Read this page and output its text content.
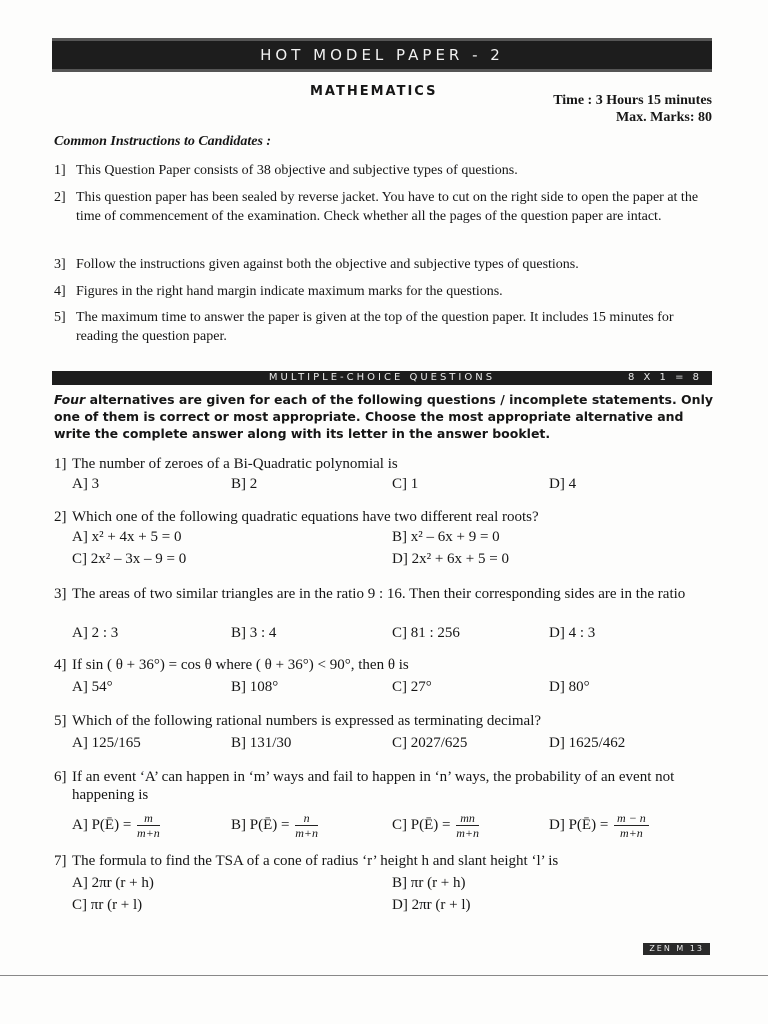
HOT MODEL PAPER - 2
MATHEMATICS
Time : 3 Hours 15 minutes
Max. Marks: 80
Common Instructions to Candidates :
1] This Question Paper consists of 38 objective and subjective types of questions.
2] This question paper has been sealed by reverse jacket. You have to cut on the right side to open the paper at the time of commencement of the examination. Check whether all the pages of the question paper are intact.
3] Follow the instructions given against both the objective and subjective types of questions.
4] Figures in the right hand margin indicate maximum marks for the questions.
5] The maximum time to answer the paper is given at the top of the question paper. It includes 15 minutes for reading the question paper.
MULTIPLE-CHOICE QUESTIONS	8 X 1 = 8
Four alternatives are given for each of the following questions / incomplete statements. Only one of them is correct or most appropriate. Choose the most appropriate alternative and write the complete answer along with its letter in the answer booklet.
1] The number of zeroes of a Bi-Quadratic polynomial is
A] 3	B] 2	C] 1	D] 4
2] Which one of the following quadratic equations have two different real roots?
A] x² + 4x + 5 = 0	B] x² – 6x + 9 = 0
C] 2x² – 3x – 9 = 0	D] 2x² + 6x + 5 = 0
3] The areas of two similar triangles are in the ratio 9 : 16. Then their corresponding sides are in the ratio
A] 2 : 3	B] 3 : 4	C] 81 : 256	D] 4 : 3
4] If sin ( θ + 36°) = cos θ where ( θ + 36°) < 90°, then θ is
A] 54°	B] 108°	C] 27°	D] 80°
5] Which of the following rational numbers is expressed as terminating decimal?
A] 125/165	B] 131/30	C] 2027/625	D] 1625/462
6] If an event ‘A’ can happen in ‘m’ ways and fail to happen in ‘n’ ways, the probability of an event not happening is
A] P(Ē) = $\frac{m}{m+n}$	B] P(Ē) = $\frac{n}{m+n}$	C] P(Ē) = $\frac{mn}{m+n}$	D] P(Ē) = $\frac{m - n}{m+n}$
7] The formula to find the TSA of a cone of radius ‘r’ height h and slant height ‘l’ is
A] 2πr (r + h)	B] πr (r + h)
C] πr (r + l)	D] 2πr (r + l)
ZEN M 13
